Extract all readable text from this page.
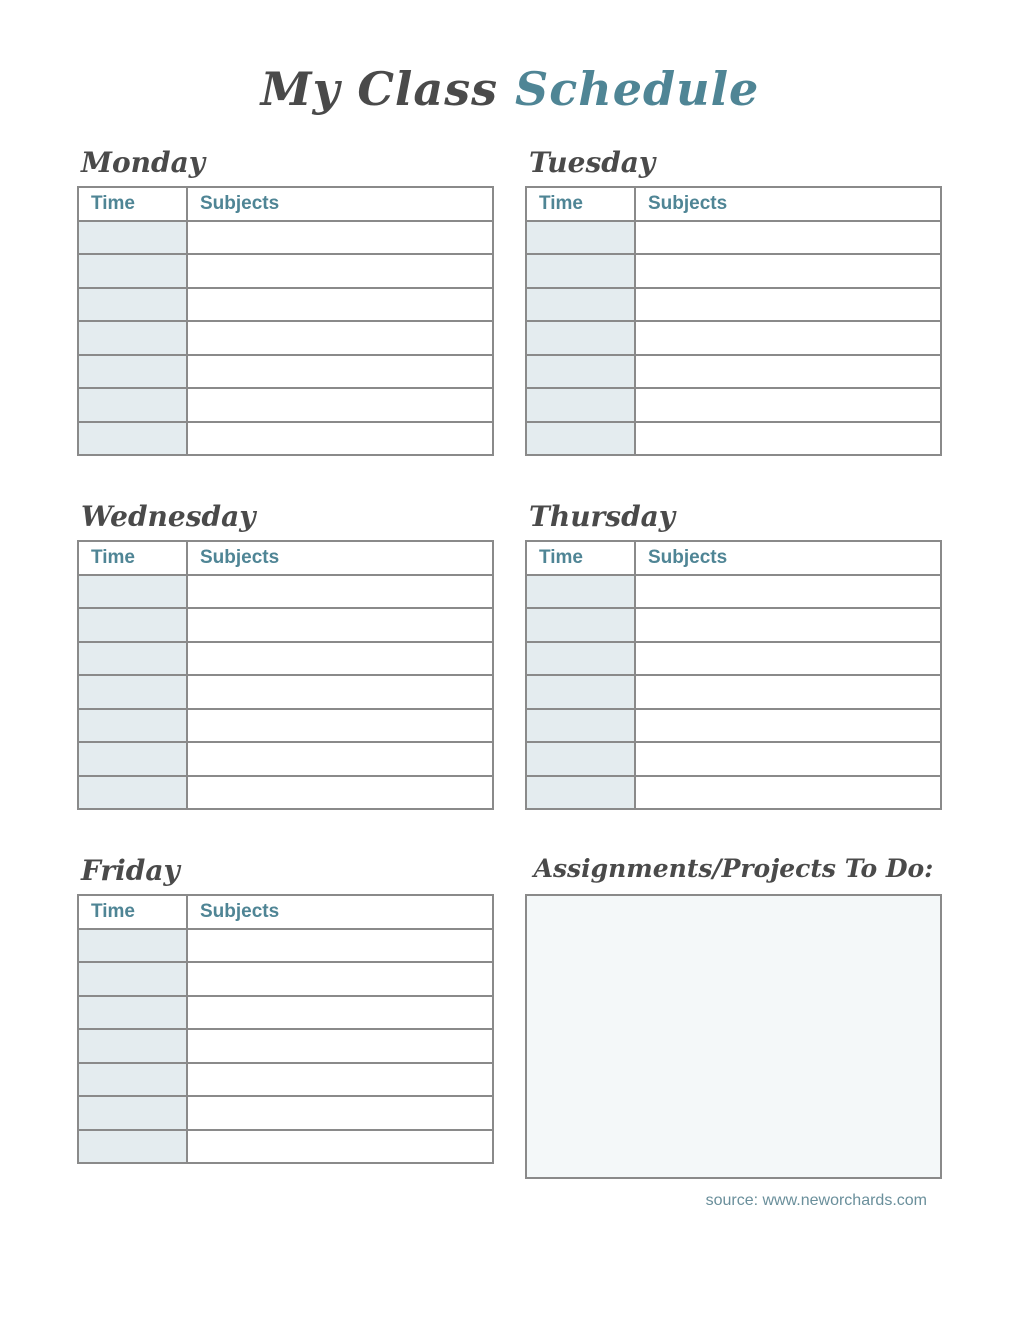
My Class Schedule
Monday
Time	Subjects

Tuesday
Time	Subjects

Wednesday
Time	Subjects

Thursday
Time	Subjects

Friday
Time	Subjects

Assignments/Projects To Do:
source: www.neworchards.com
